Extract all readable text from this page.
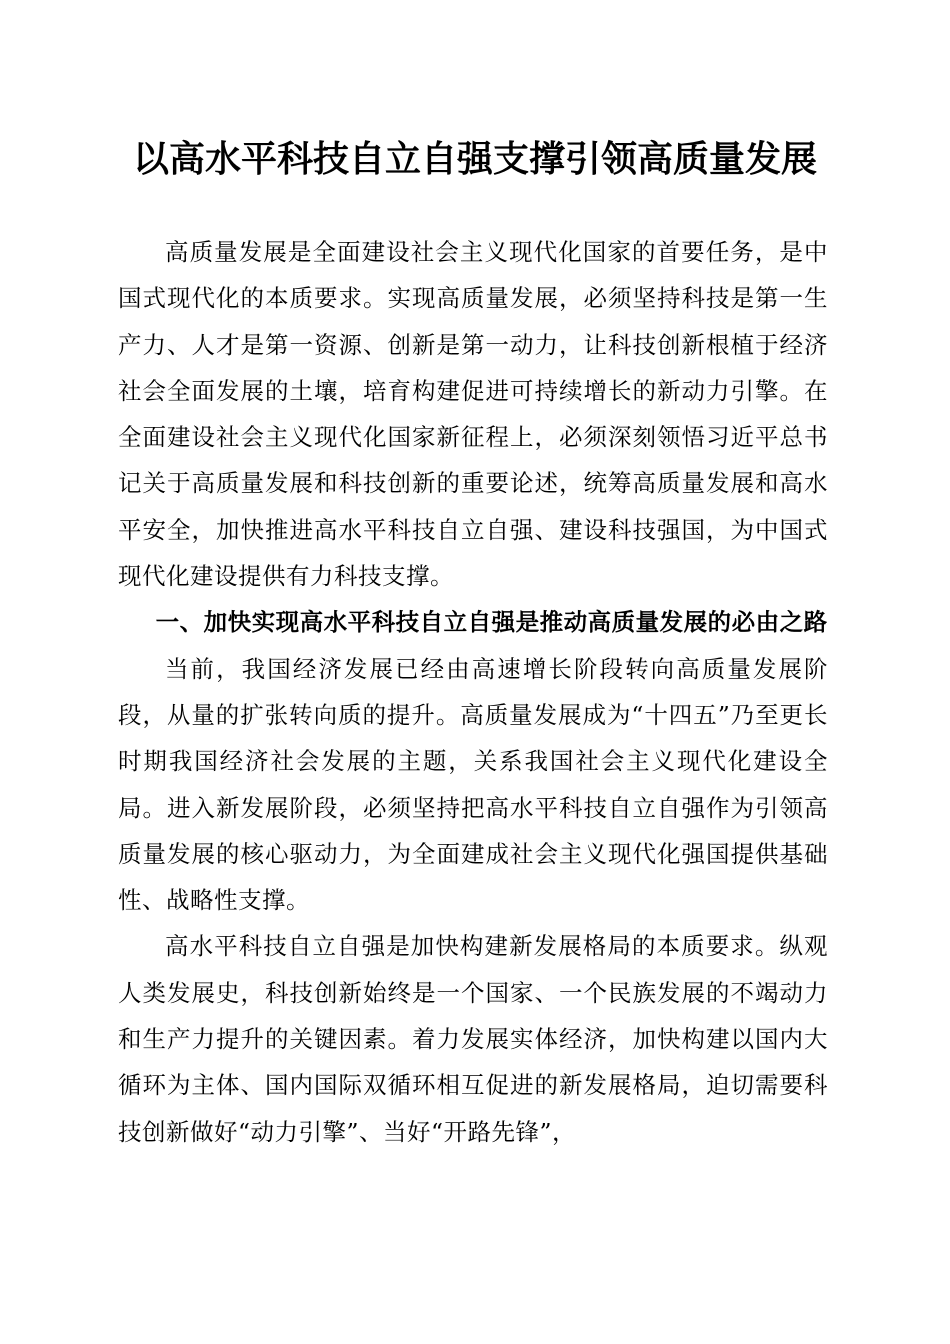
以高水平科技自立自强支撑引领高质量发展

高质量发展是全面建设社会主义现代化国家的首要任务，是中国式现代化的本质要求。实现高质量发展，必须坚持科技是第一生产力、人才是第一资源、创新是第一动力，让科技创新根植于经济社会全面发展的土壤，培育构建促进可持续增长的新动力引擎。在全面建设社会主义现代化国家新征程上，必须深刻领悟习近平总书记关于高质量发展和科技创新的重要论述，统筹高质量发展和高水平安全，加快推进高水平科技自立自强、建设科技强国，为中国式现代化建设提供有力科技支撑。

一、加快实现高水平科技自立自强是推动高质量发展的必由之路

当前，我国经济发展已经由高速增长阶段转向高质量发展阶段，从量的扩张转向质的提升。高质量发展成为“十四五”乃至更长时期我国经济社会发展的主题，关系我国社会主义现代化建设全局。进入新发展阶段，必须坚持把高水平科技自立自强作为引领高质量发展的核心驱动力，为全面建成社会主义现代化强国提供基础性、战略性支撑。

高水平科技自立自强是加快构建新发展格局的本质要求。纵观人类发展史，科技创新始终是一个国家、一个民族发展的不竭动力和生产力提升的关键因素。着力发展实体经济，加快构建以国内大循环为主体、国内国际双循环相互促进的新发展格局，迫切需要科技创新做好“动力引擎”、当好“开路先锋”，
